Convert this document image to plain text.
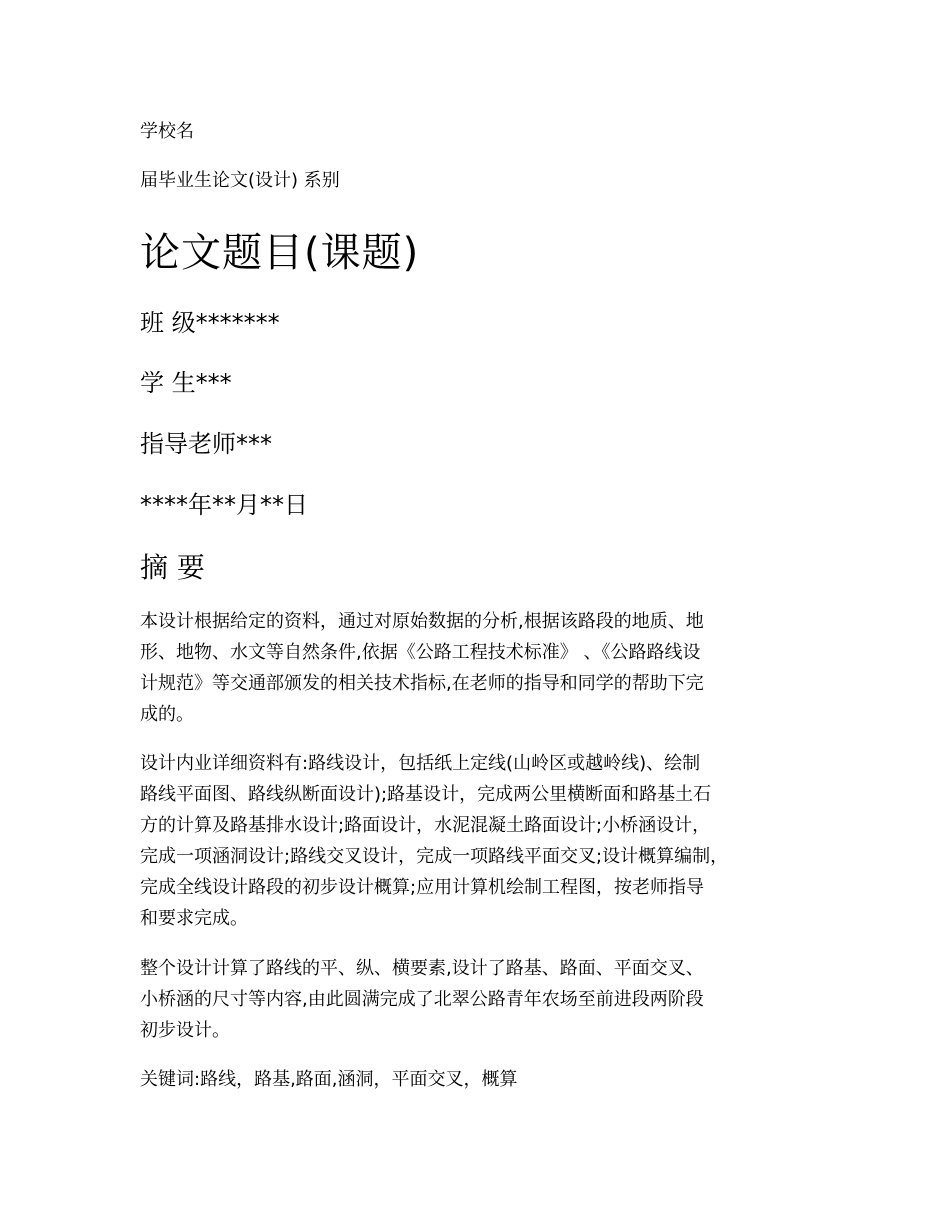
学校名
届毕业生论文(设计) 系别
论文题目(课题)
班 级*******
学 生***
指导老师***
****年**月**日
摘 要
本设计根据给定的资料，通过对原始数据的分析,根据该路段的地质、地
形、地物、水文等自然条件,依据《公路工程技术标准》 、《公路路线设
计规范》等交通部颁发的相关技术指标,在老师的指导和同学的帮助下完
成的。
设计内业详细资料有:路线设计，包括纸上定线(山岭区或越岭线)、绘制
路线平面图、路线纵断面设计);路基设计，完成两公里横断面和路基土石
方的计算及路基排水设计;路面设计，水泥混凝土路面设计;小桥涵设计，
完成一项涵洞设计;路线交叉设计，完成一项路线平面交叉;设计概算编制，
完成全线设计路段的初步设计概算;应用计算机绘制工程图，按老师指导
和要求完成。
整个设计计算了路线的平、纵、横要素,设计了路基、路面、平面交叉、
小桥涵的尺寸等内容,由此圆满完成了北翠公路青年农场至前进段两阶段
初步设计。
关键词:路线，路基,路面,涵洞，平面交叉，概算
